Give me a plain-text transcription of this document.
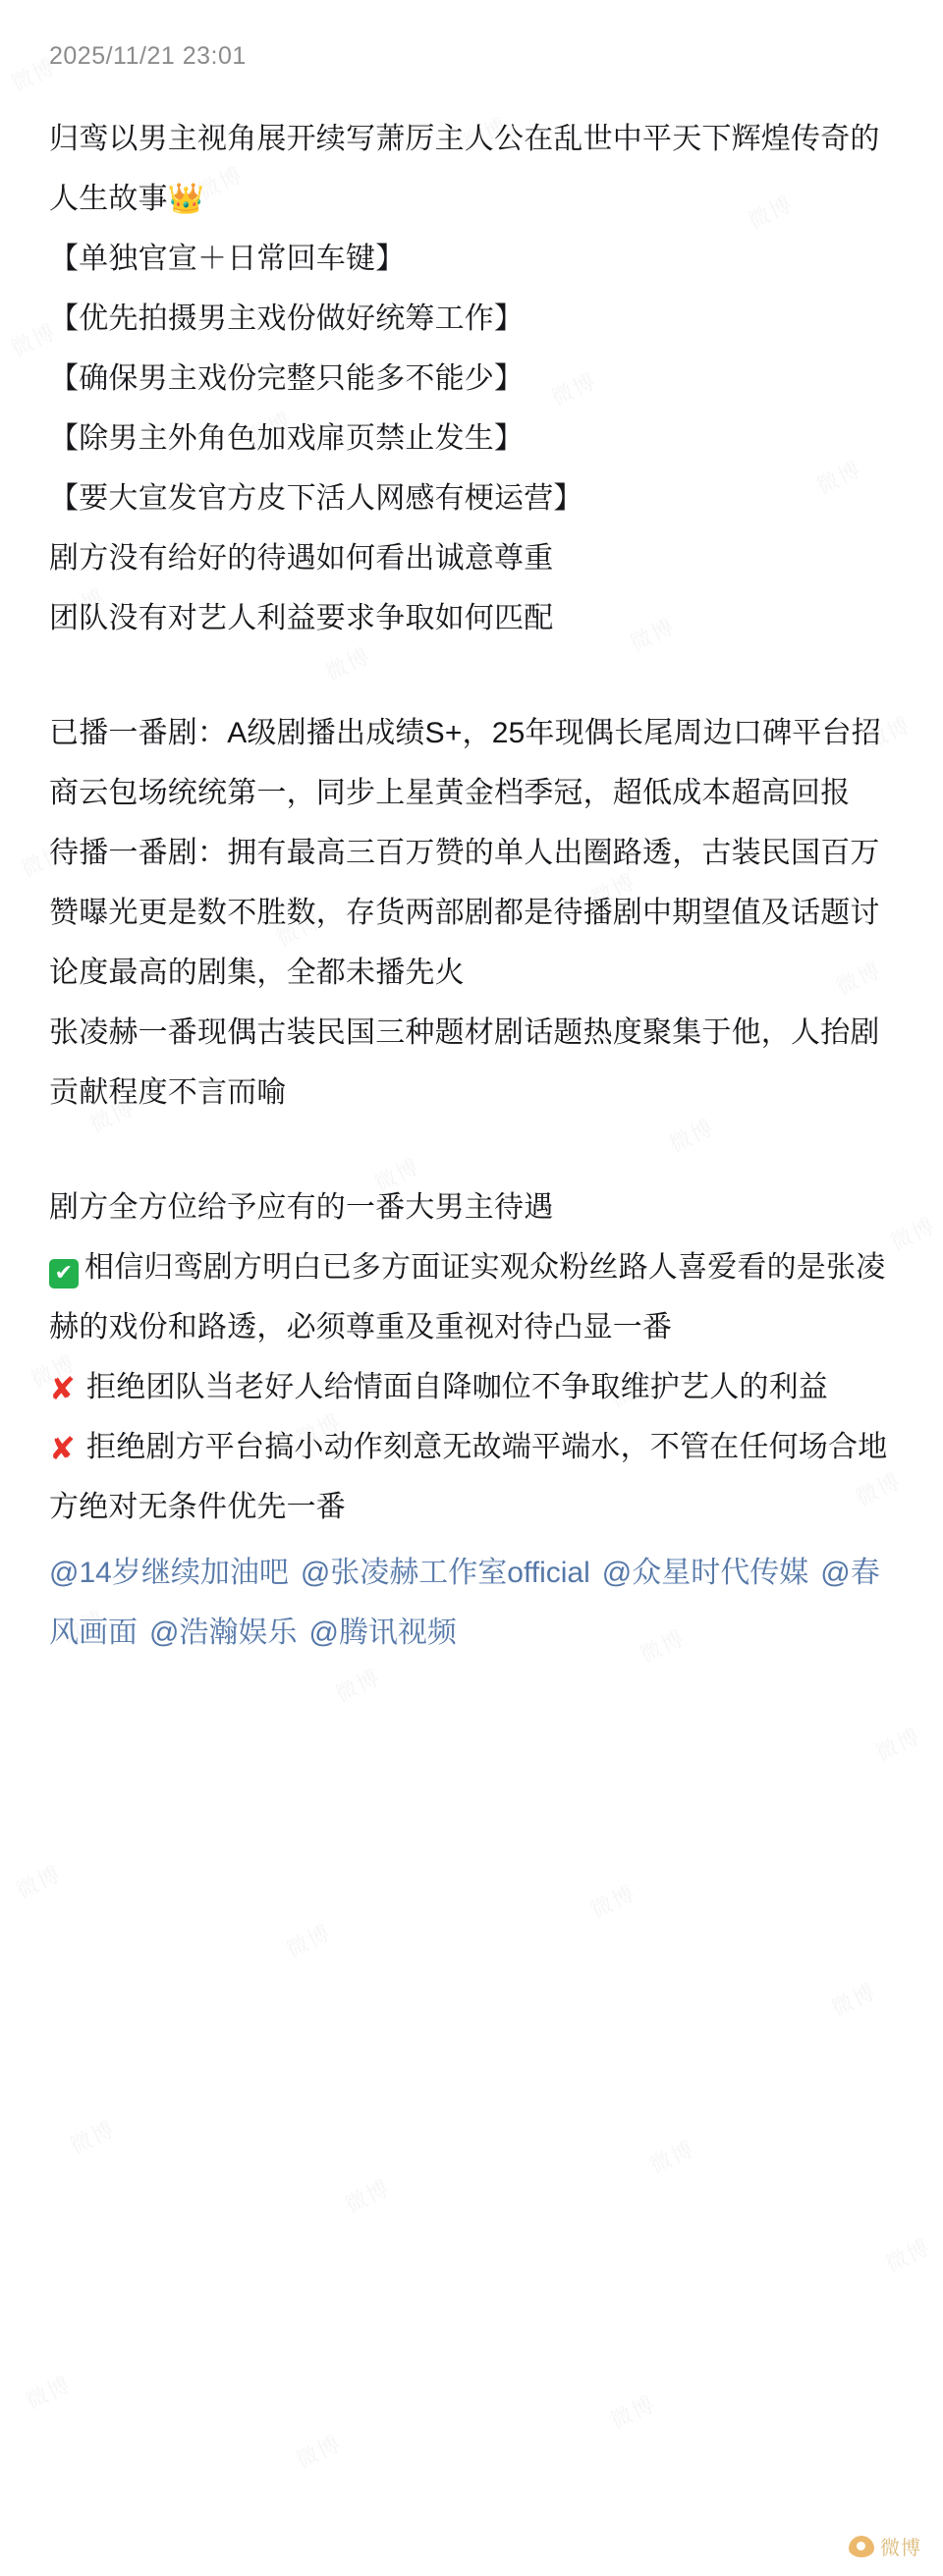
2025/11/21 23:01
归鸾以男主视角展开续写萧厉主人公在乱世中平天下辉煌传奇的人生故事👑
【单独官宣＋日常回车键】
【优先拍摄男主戏份做好统筹工作】
【确保男主戏份完整只能多不能少】
【除男主外角色加戏扉页禁止发生】
【要大宣发官方皮下活人网感有梗运营】
剧方没有给好的待遇如何看出诚意尊重
团队没有对艺人利益要求争取如何匹配
已播一番剧：A级剧播出成绩S+，25年现偶长尾周边口碑平台招商云包场统统第一，同步上星黄金档季冠，超低成本超高回报
待播一番剧：拥有最高三百万赞的单人出圈路透，古装民国百万赞曝光更是数不胜数，存货两部剧都是待播剧中期望值及话题讨论度最高的剧集，全都未播先火
张凌赫一番现偶古装民国三种题材剧话题热度聚集于他，人抬剧贡献程度不言而喻
剧方全方位给予应有的一番大男主待遇
✔ 相信归鸾剧方明白已多方面证实观众粉丝路人喜爱看的是张凌赫的戏份和路透，必须尊重及重视对待凸显一番
✘ 拒绝团队当老好人给情面自降咖位不争取维护艺人的利益
✘ 拒绝剧方平台搞小动作刻意无故端平端水，不管在任何场合地方绝对无条件优先一番
@14岁继续加油吧 @张凌赫工作室official @众星时代传媒 @春风画面 @浩瀚娱乐 @腾讯视频
微博
